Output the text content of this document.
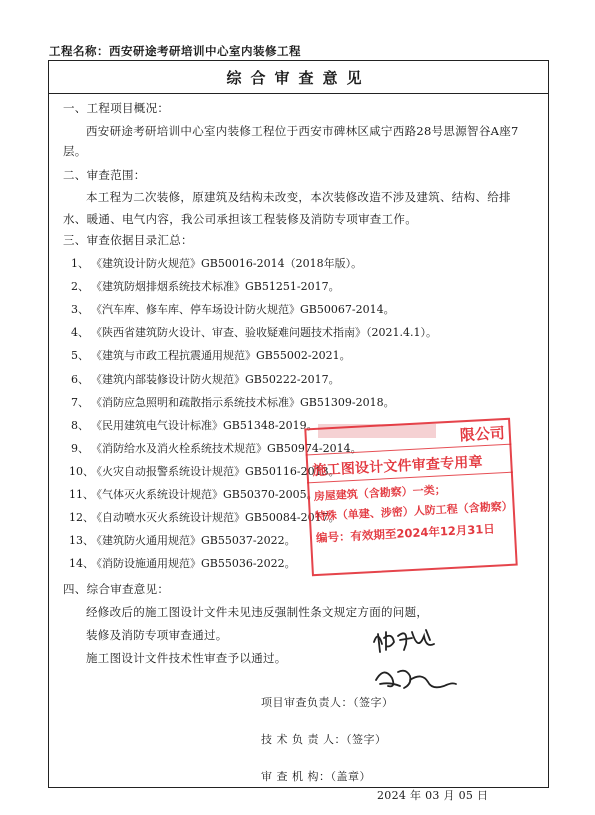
工程名称：西安研途考研培训中心室内装修工程
综合审查意见
一、工程项目概况：
西安研途考研培训中心室内装修工程位于西安市碑林区咸宁西路28号思源智谷A座7
层。
二、审查范围：
本工程为二次装修，原建筑及结构未改变，本次装修改造不涉及建筑、结构、给排
水、暖通、电气内容，我公司承担该工程装修及消防专项审查工作。
三、审查依据目录汇总：
1、 《建筑设计防火规范》GB50016-2014（2018年版）。
2、 《建筑防烟排烟系统技术标准》GB51251-2017。
3、 《汽车库、修车库、停车场设计防火规范》GB50067-2014。
4、 《陕西省建筑防火设计、审查、验收疑难问题技术指南》（2021.4.1）。
5、 《建筑与市政工程抗震通用规范》GB55002-2021。
6、 《建筑内部装修设计防火规范》GB50222-2017。
7、 《消防应急照明和疏散指示系统技术标准》GB51309-2018。
8、 《民用建筑电气设计标准》GB51348-2019。
9、 《消防给水及消火栓系统技术规范》GB50974-2014。
10、《火灾自动报警系统设计规范》GB50116-2013。
11、《气体灭火系统设计规范》GB50370-2005。
12、《自动喷水灭火系统设计规范》GB50084-2017。
13、《建筑防火通用规范》GB55037-2022。
14、《消防设施通用规范》GB55036-2022。
四、综合审查意见：
经修改后的施工图设计文件未见违反强制性条文规定方面的问题，
装修及消防专项审查通过。
施工图设计文件技术性审查予以通过。
项目审查负责人：（签字）
技 术 负 责 人：（签字）
审 查 机 构：（盖章）
2024 年 03 月 05 日
限公司
施工图设计文件审查专用章
房屋建筑（含勘察）一类；
特殊（单建、涉密）人防工程（含勘察）
编号：有效期至2024年12月31日
